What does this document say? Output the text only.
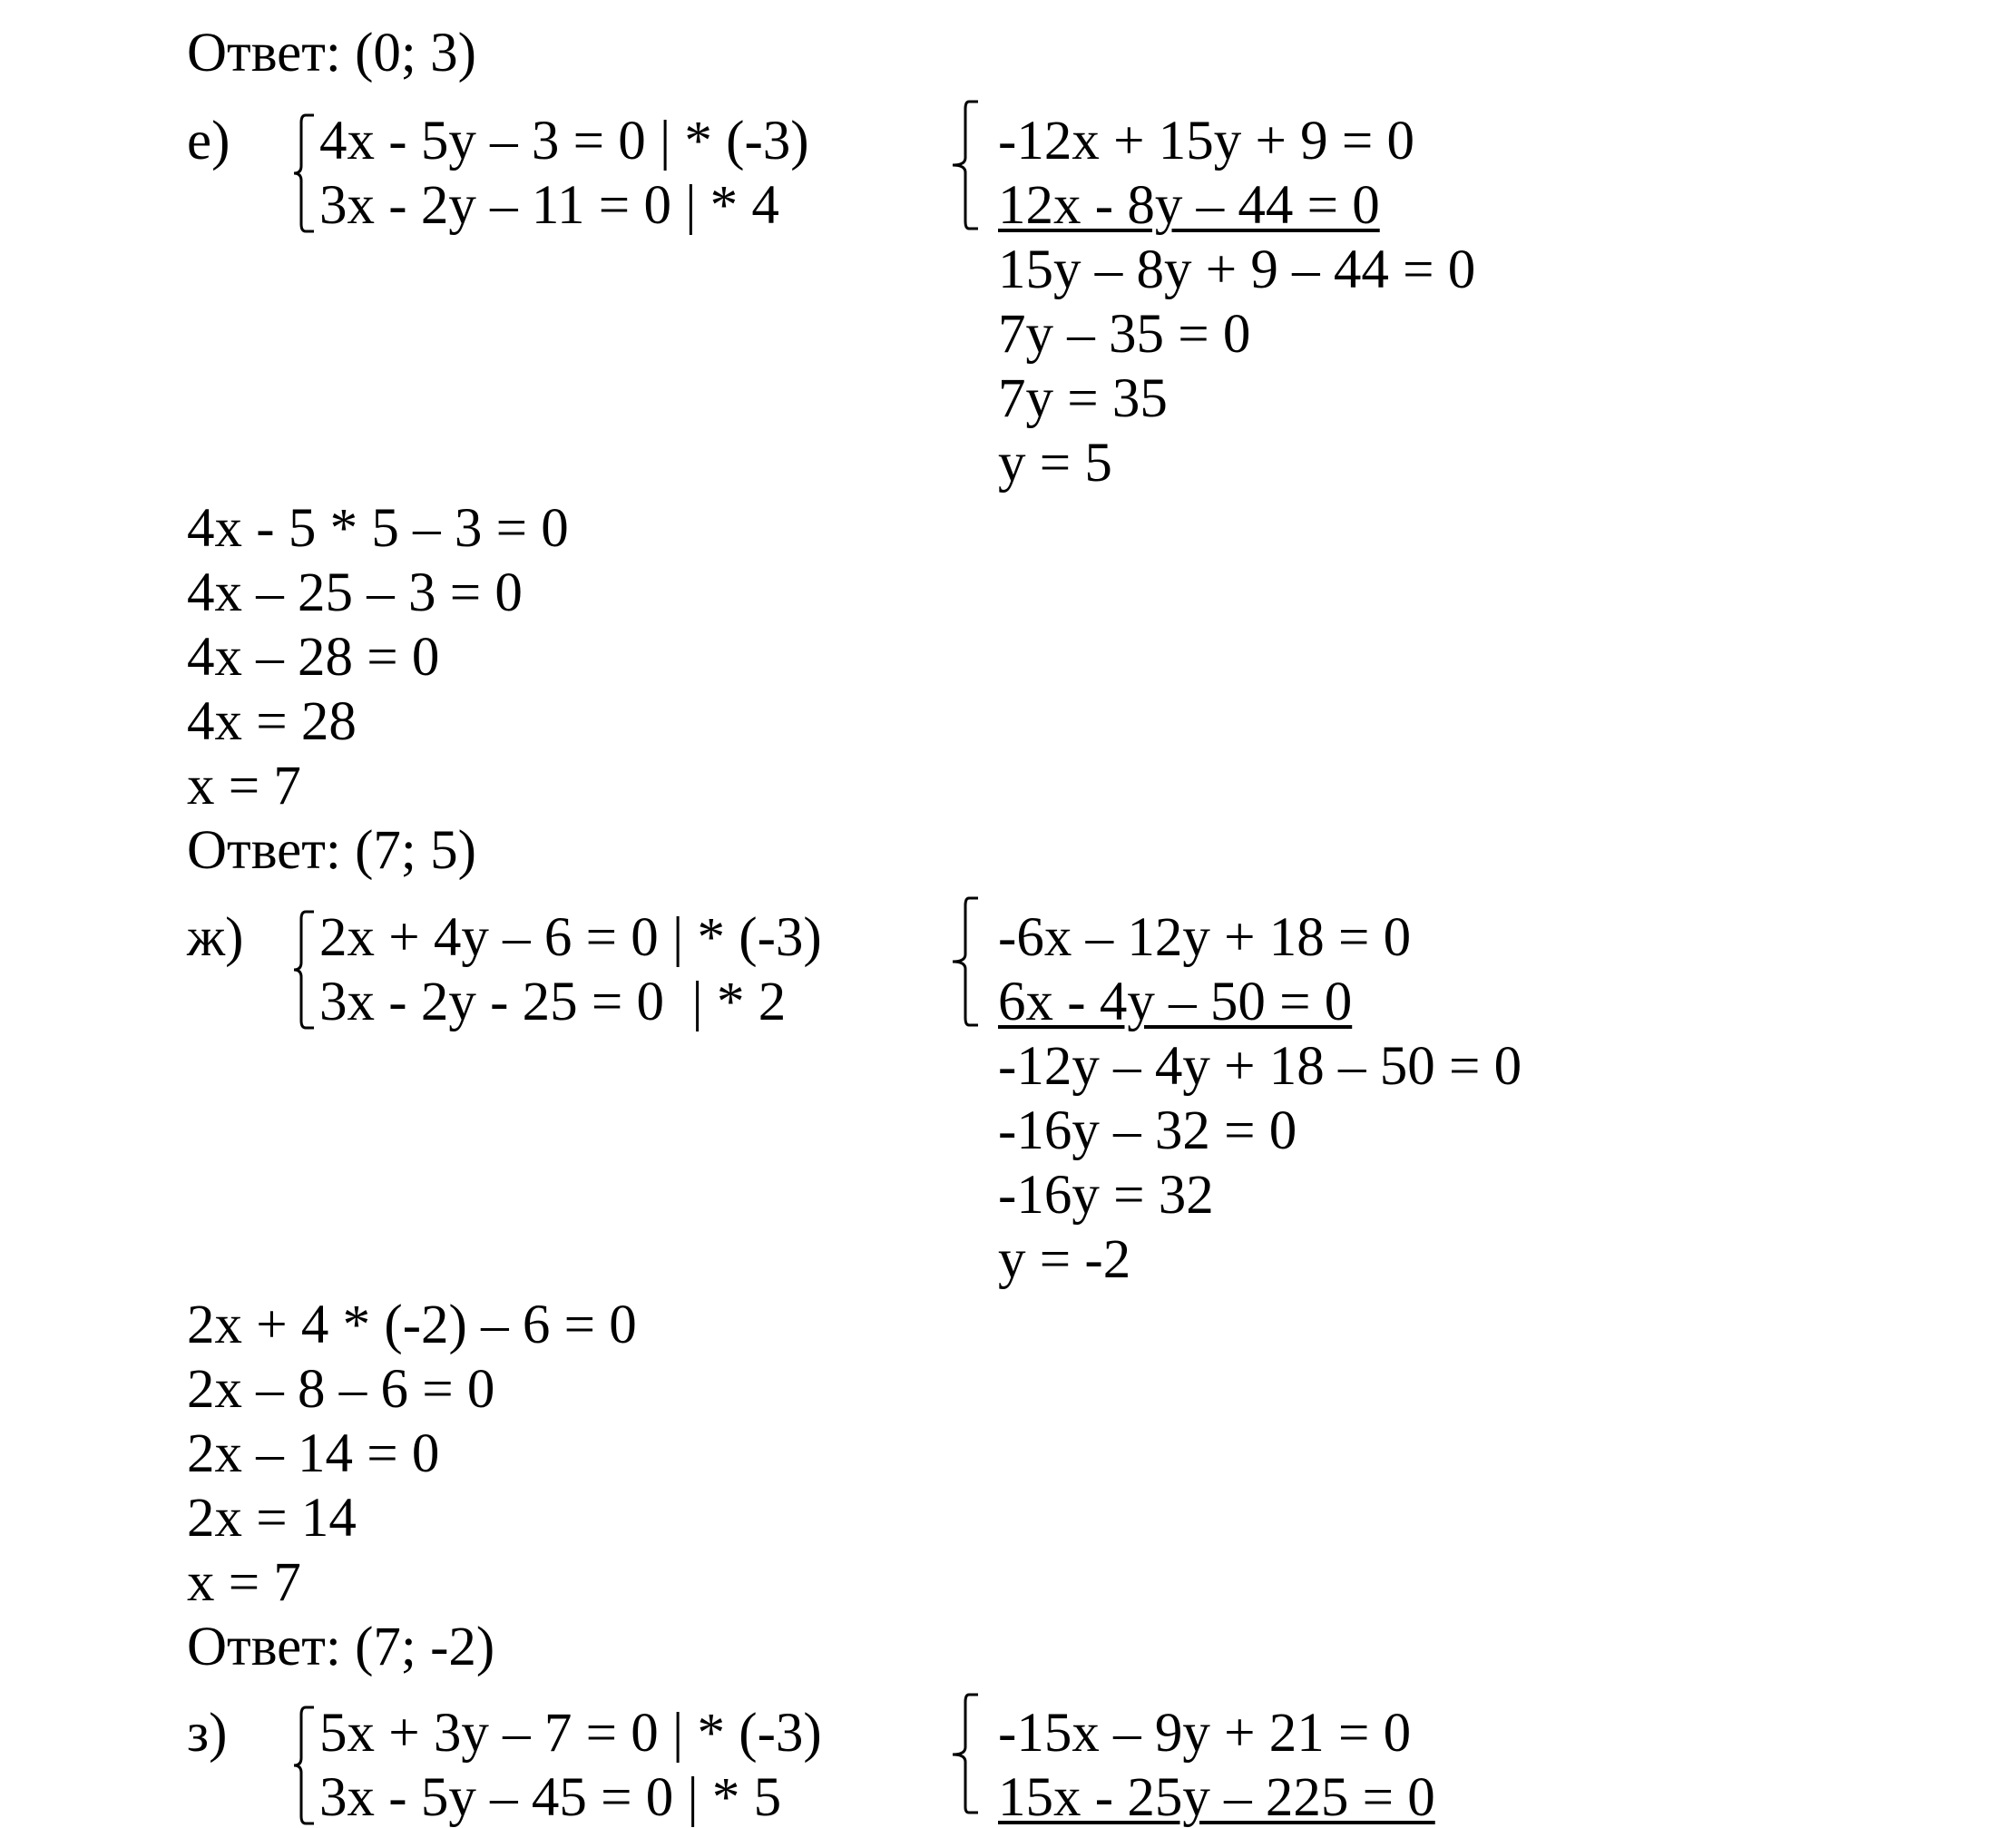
Ответ: (0; 3)
е) 4x - 5y – 3 = 0 | * (-3)
3x - 2y – 11 = 0 | * 4
-12x + 15y + 9 = 0
12x - 8y – 44 = 0
15y – 8y + 9 – 44 = 0
7y – 35 = 0
7y = 35
y = 5
4x - 5 * 5 – 3 = 0
4x – 25 – 3 = 0
4x – 28 = 0
4x = 28
x = 7
Ответ: (7; 5)
ж) 2x + 4y – 6 = 0 | * (-3)
3x - 2y - 25 = 0  | * 2
-6x – 12y + 18 = 0
6x - 4y – 50 = 0
-12y – 4y + 18 – 50 = 0
-16y – 32 = 0
-16y = 32
y = -2
2x + 4 * (-2) – 6 = 0
2x – 8 – 6 = 0
2x – 14 = 0
2x = 14
x = 7
Ответ: (7; -2)
з) 5x + 3y – 7 = 0 | * (-3)
3x - 5y – 45 = 0 | * 5
-15x – 9y + 21 = 0
15x - 25y – 225 = 0
